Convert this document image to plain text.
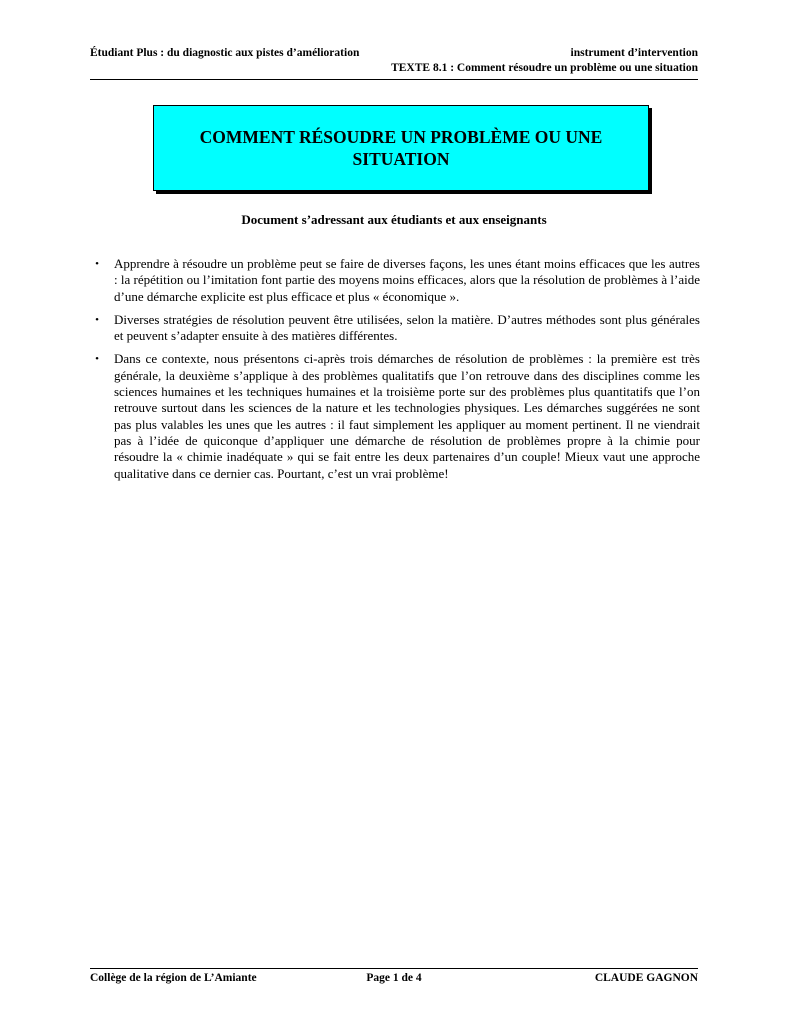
Étudiant Plus : du diagnostic aux pistes d’amélioration	instrument d’intervention
TEXTE 8.1 : Comment résoudre un problème ou une situation
COMMENT RÉSOUDRE UN PROBLÈME OU UNE SITUATION
Document s’adressant aux étudiants et aux enseignants
•	Apprendre à résoudre un problème peut se faire de diverses façons, les unes étant moins efficaces que les autres : la répétition ou l’imitation font partie des moyens moins efficaces, alors que la résolution de problèmes à l’aide d’une démarche explicite est plus efficace et plus « économique ».
•	Diverses stratégies de résolution peuvent être utilisées, selon la matière. D’autres méthodes sont plus générales et peuvent s’adapter ensuite à des matières différentes.
•	Dans ce contexte, nous présentons ci-après trois démarches de résolution de problèmes : la première est très générale, la deuxième s’applique à des problèmes qualitatifs que l’on retrouve dans des disciplines comme les sciences humaines et les techniques humaines et la troisième porte sur des problèmes plus quantitatifs que l’on retrouve surtout dans les sciences de la nature et les technologies physiques. Les démarches suggérées ne sont pas plus valables les unes que les autres : il faut simplement les appliquer au moment pertinent. Il ne viendrait pas à l’idée de quiconque d’appliquer une démarche de résolution de problèmes propre à la chimie pour résoudre la « chimie inadéquate » qui se fait entre les deux partenaires d’un couple! Mieux vaut une approche qualitative dans ce dernier cas. Pourtant, c’est un vrai problème!
Collège de la région de L’Amiante	Page 1 de 4	CLAUDE GAGNON
